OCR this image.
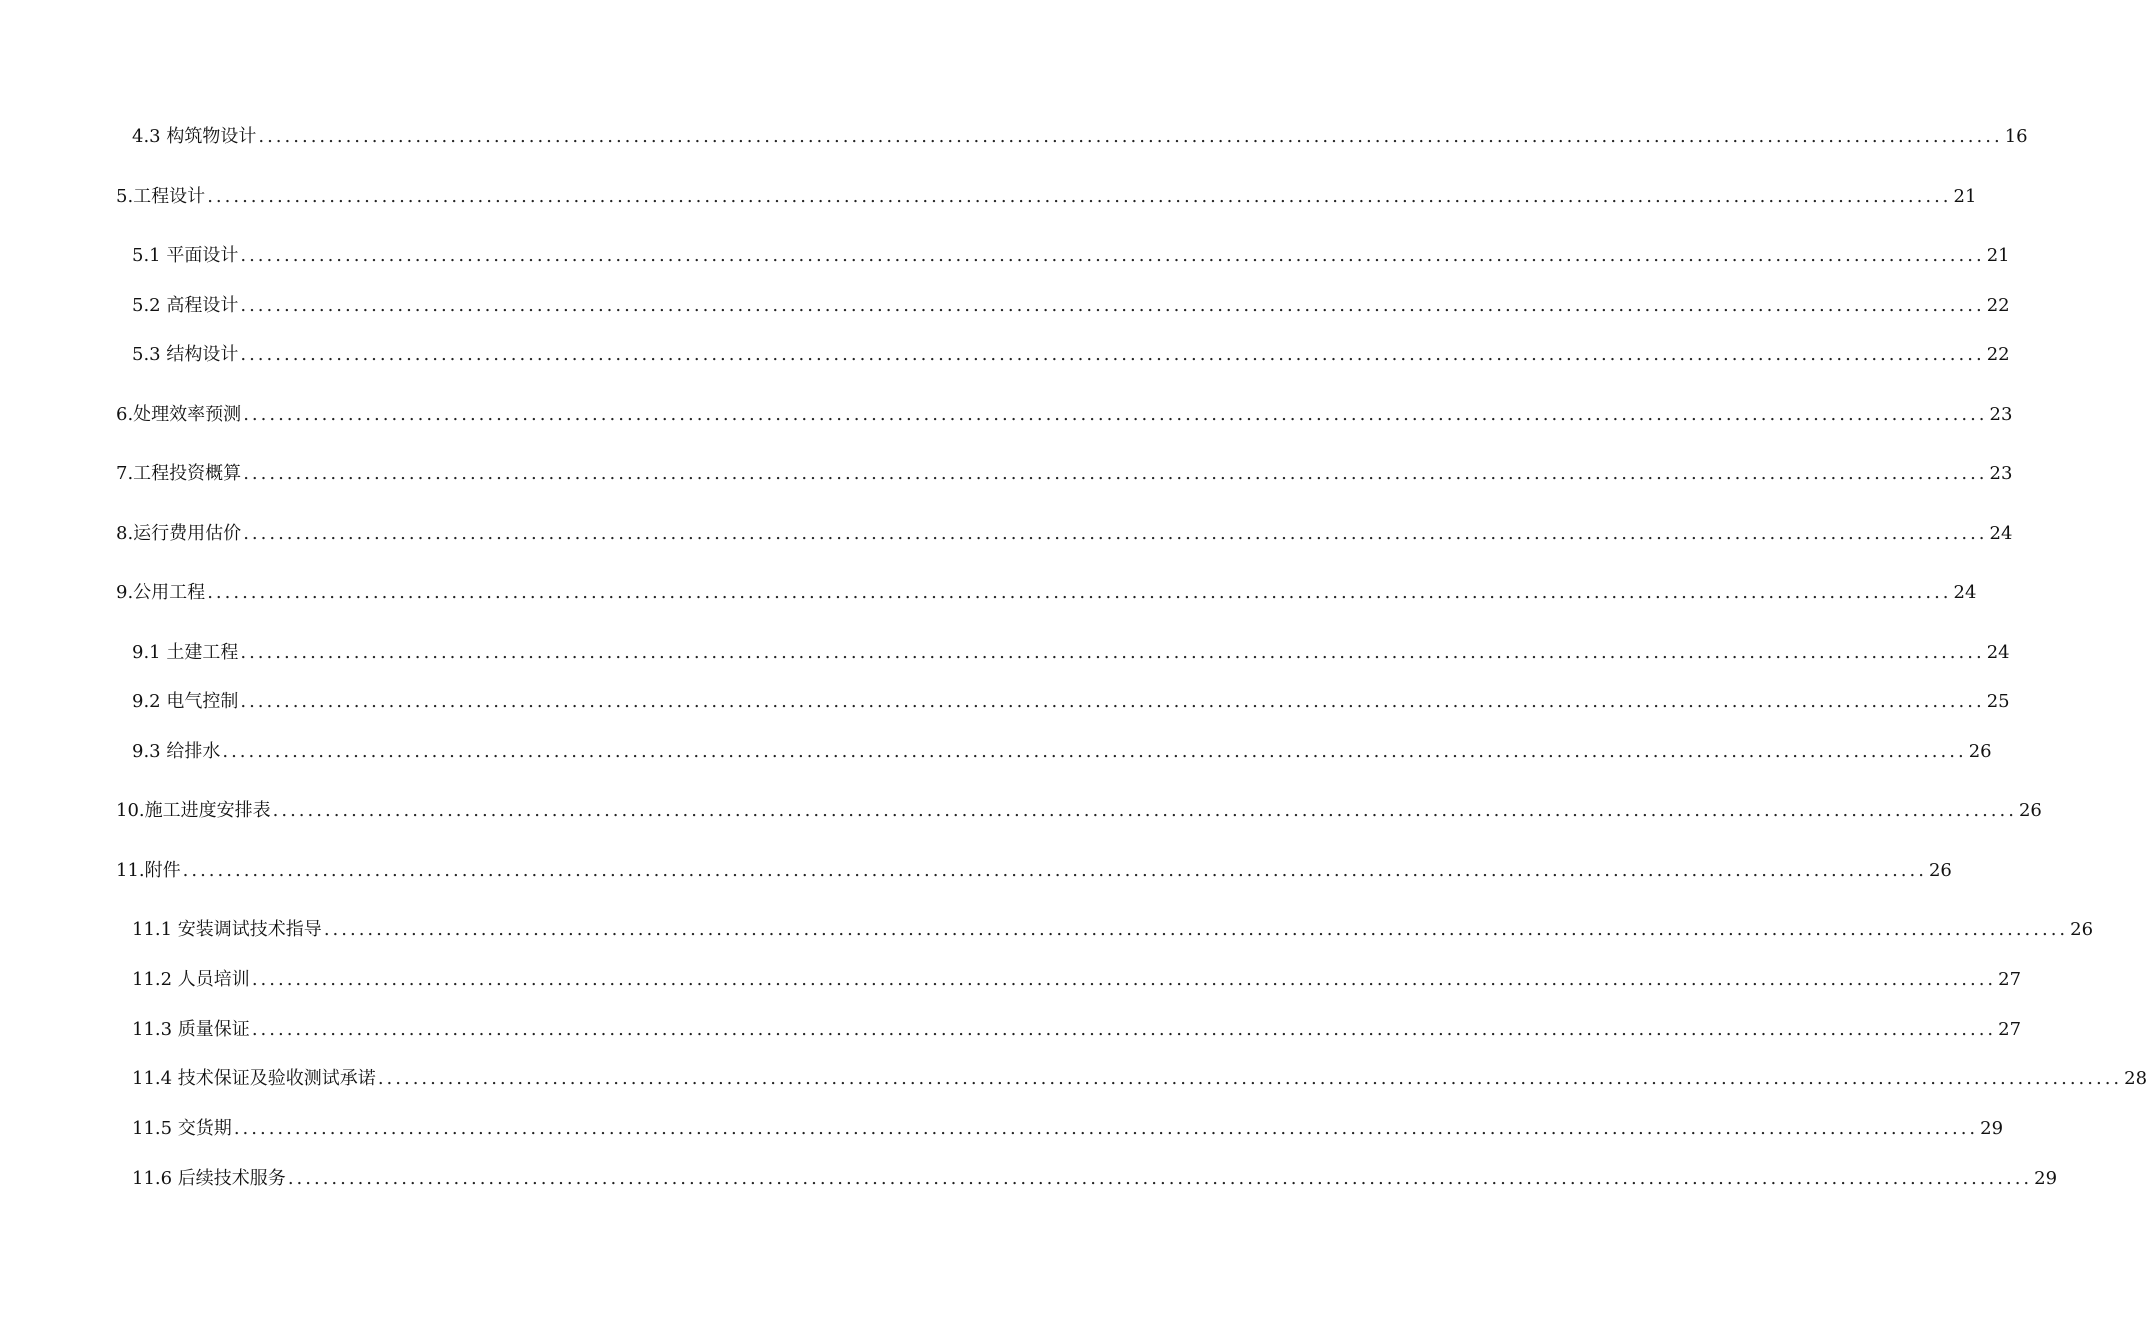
4.3 构筑物设计 ........................................................................................................................................................................................................ 16
5.工程设计 ........................................................................................................................................................................................................ 21
5.1 平面设计 ........................................................................................................................................................................................................ 21
5.2 高程设计 ........................................................................................................................................................................................................ 22
5.3 结构设计 ........................................................................................................................................................................................................ 22
6.处理效率预测 ........................................................................................................................................................................................................ 23
7.工程投资概算 ........................................................................................................................................................................................................ 23
8.运行费用估价 ........................................................................................................................................................................................................ 24
9.公用工程 ........................................................................................................................................................................................................ 24
9.1 土建工程 ........................................................................................................................................................................................................ 24
9.2 电气控制 ........................................................................................................................................................................................................ 25
9.3 给排水 ........................................................................................................................................................................................................ 26
10.施工进度安排表 ........................................................................................................................................................................................................ 26
11.附件 ........................................................................................................................................................................................................ 26
11.1 安装调试技术指导 ........................................................................................................................................................................................................ 26
11.2 人员培训 ........................................................................................................................................................................................................ 27
11.3 质量保证 ........................................................................................................................................................................................................ 27
11.4 技术保证及验收测试承诺 ........................................................................................................................................................................................................ 28
11.5 交货期 ........................................................................................................................................................................................................ 29
11.6 后续技术服务 ........................................................................................................................................................................................................ 29
